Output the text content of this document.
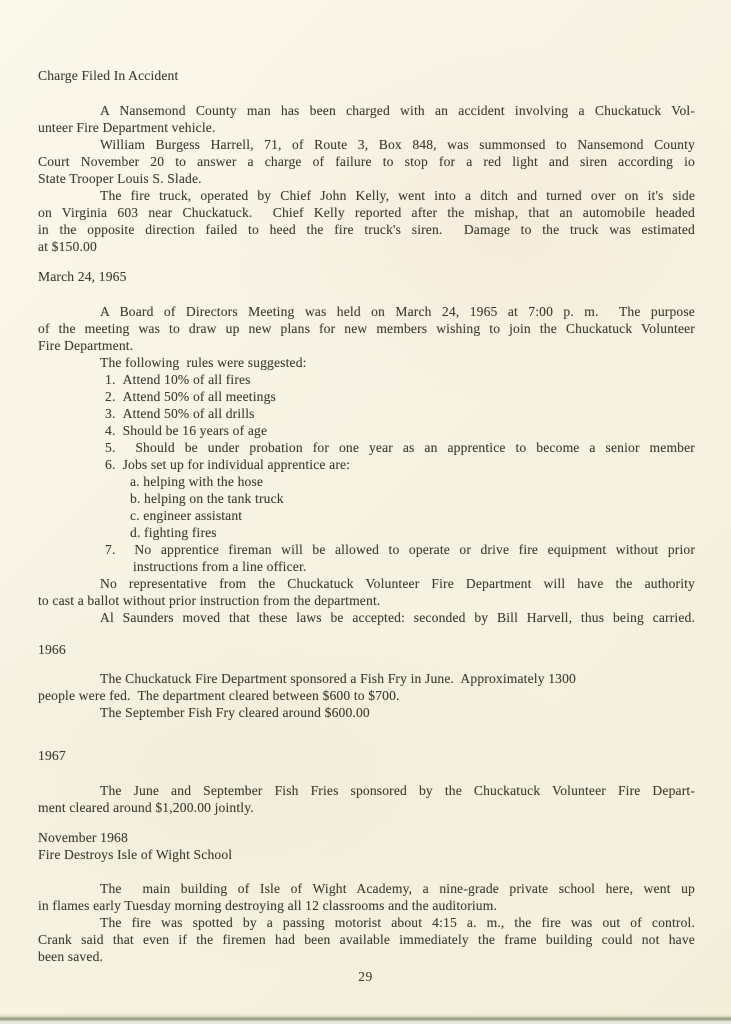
Charge Filed In Accident
A Nansemond County man has been charged with an accident involving a Chuckatuck Vol-
unteer Fire Department vehicle.
William Burgess Harrell, 71, of Route 3, Box 848, was summonsed to Nansemond County
Court November 20 to answer a charge of failure to stop for a red light and siren according io
State Trooper Louis S. Slade.
The fire truck, operated by Chief John Kelly, went into a ditch and turned over on it's side
on Virginia 603 near Chuckatuck.  Chief Kelly reported after the mishap, that an automobile headed
in the opposite direction failed to heed the fire truck's siren.  Damage to the truck was estimated
at $150.00
March 24, 1965
A Board of Directors Meeting was held on March 24, 1965 at 7:00 p. m.  The purpose
of the meeting was to draw up new plans for new members wishing to join the Chuckatuck Volunteer
Fire Department.
The following  rules were suggested:
1.  Attend 10% of all fires
2.  Attend 50% of all meetings
3.  Attend 50% of all drills
4.  Should be 16 years of age
5.  Should be under probation for one year as an apprentice to become a senior member
6.  Jobs set up for individual apprentice are:
a. helping with the hose
b. helping on the tank truck
c. engineer assistant
d. fighting fires
7.  No apprentice fireman will be allowed to operate or drive fire equipment without prior
instructions from a line officer.
No representative from the Chuckatuck Volunteer Fire Department will have the authority
to cast a ballot without prior instruction from the department.
Al Saunders moved that these laws be accepted: seconded by Bill Harvell, thus being carried.
1966
The Chuckatuck Fire Department sponsored a Fish Fry in June.  Approximately 1300
people were fed.  The department cleared between $600 to $700.
The September Fish Fry cleared around $600.00
1967
The June and September Fish Fries sponsored by the Chuckatuck Volunteer Fire Depart-
ment cleared around $1,200.00 jointly.
November 1968
Fire Destroys Isle of Wight School
The  main building of Isle of Wight Academy, a nine-grade private school here, went up
in flames early Tuesday morning destroying all 12 classrooms and the auditorium.
The fire was spotted by a passing motorist about 4:15 a. m., the fire was out of control.
Crank said that even if the firemen had been available immediately the frame building could not have
been saved.
29
